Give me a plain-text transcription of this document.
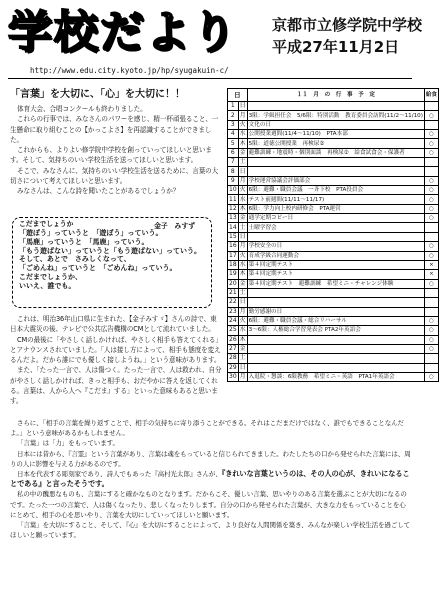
学校だより	京都市立修学院中学校
平成27年11月2日
http://www.edu.city.kyoto.jp/hp/syugakuin-c/

「言葉」を大切に、「心」を大切に！！

体育大会、合唱コンクールも終わりました。

これらの行事では、みなさんのパワーを感じ、精一杯頑張ること、一生懸命に取り組むことの【かっこよさ】を再認識することができました。

これからも、よりよい修学院中学校を創っていってほしいと思います。そして、気持ちのいい学校生活を送ってほしいと思います。

そこで、みなさんに、気持ちのいい学校生活を送るために、言葉の大切さについて考えてほしいと思います。

みなさんは、こんな詩を聞いたことがあるでしょうか？

こだまでしょうか	金子　みすず
「遊ぼう」っていうと　「遊ぼう」っていう。
「馬鹿」っていうと　「馬鹿」っていう。
「もう遊ばない」っていうと「もう遊ばない」っていう。
そして、あとで　さみしくなって、
「ごめんね」っていうと　「ごめんね」っていう。
こだまでしょうか、
いいえ、誰でも。

これは、明治36年山口県に生まれた、【金子みすゞ】さんの詩で、東日本大震災の後、テレビで公共広告機構のCMとして流れていました。

CMの最後に「やさしく話しかければ、やさしく相手も答えてくれる」とアナウンスされていました。「人は接し方によって、相手も態度を変えるんだよ。だから誰にでも優しく接しようね。」という意味があります。

また、「たった一言で、人は傷つく。たった一言で、人は救われ、自分がやさしく話しかければ、きっと相手も、おだやかに答えを返してくれる。言葉は、人から人へ『こだま』する」といった意味もあると思います。

日		１１　月　の　行　事　予　定	給食
1	日		
2	月	3限：学級担任会　5/6限：特別活動　教育委員会訪問(11/2～11/10)	○
3	火	文化の日	
4	水	公開授業週間(11/4～11/10)　PTA本部	○
5	木	5限：道徳公開授業　再検尿②	○
6	金	避難訓練・地震時・個別面談　再検尿②　給食試食会・保護者	○
7	土		
8	日		
9	月	学校運営協議会評価部会	○
10	火	6限：避難・職員会議　一斉下校　PTA役員会	○
11	水	テスト前週間(11/11～11/17)	○
12	木	6限：学力向上校内研修会　PTA運営	○
13	金	通学定期コピー日	○
14	土	土曜学習会	
15	日		
16	月	学校安全の日	○
17	火	育成学級合同運動会	○
18	水	第４回定期テスト	×
19	木	第４回定期テスト	×
20	金	第４回定期テスト　避難訓練　希望ミニ・チャレンジ体験	○
21	土		
22	日		
23	月	勤労感謝の日	
24	火	6限：避難・職員会議・総合リハーサル	○
25	水	3～6限：人権総合学習発表会 PTA2年英語会	○
26	木		○
27	金		○
28	土		
29	日		
30	月	入退院・懇談：6限教務　希望ミニ・英語　PTA1年英語会	○

さらに、「相手の言葉を繰り返すことで、相手の気持ちに寄り添うことができる。それはこだまだけではなく、誰でもできることなんだよ。」という意味があるかもしれません。

「言葉」は「力」をもっています。

日本には昔から、『言霊』という言葉があり、言葉は魂をもっていると信じられてきました。わたしたちの口から発せられた言葉には、周りの人に影響を与える力があるのです。

日本を代表する彫刻家であり、詩人でもあった『高村光太郎』さんが、『きれいな言葉というのは、その人の心が、きれいになることである』と言ったそうです。

私の中の醜悪なものも、言葉にすると確かなものとなります。だからこそ、優しい言葉、思いやりのある言葉を選ぶことが大切になるのです。たった一つの言葉で、人は傷くなったり、悲しくなったりします。自分の口から発せられた言葉が、大きな力をもっていることを心にとめて、相手の心を思いやり、言葉を大切にしていってほしいと願います。

「言葉」を大切にすること、そして、『心』を大切にすることによって、より良好な人間関係を築き、みんなが楽しい学校生活を過ごしてほしいと願っています。
